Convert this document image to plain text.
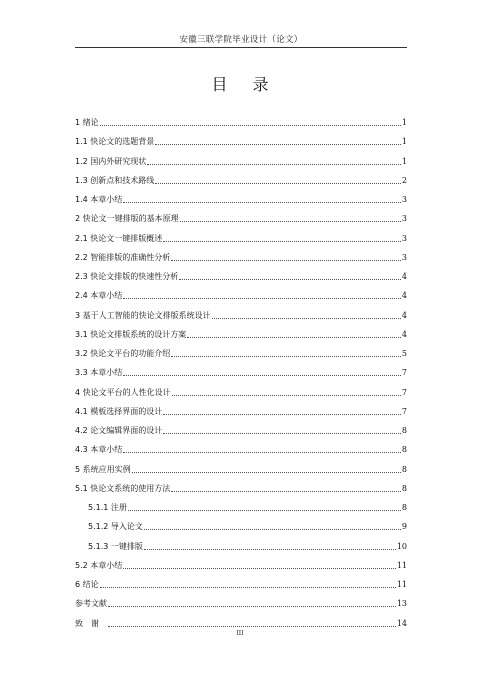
安徽三联学院毕业设计（论文）
目 录
1 绪论	1
1.1 快论文的选题背景	1
1.2 国内外研究现状	1
1.3 创新点和技术路线	2
1.4 本章小结	3
2 快论文一键排版的基本原理	3
2.1 快论文一键排版概述	3
2.2 智能排版的准确性分析	3
2.3 快论文排版的快速性分析	4
2.4 本章小结	4
3 基于人工智能的快论文排版系统设计	4
3.1 快论文排版系统的设计方案	4
3.2 快论文平台的功能介绍	5
3.3 本章小结	7
4 快论文平台的人性化设计	7
4.1 模板选择界面的设计	7
4.2 论文编辑界面的设计	8
4.3 本章小结	8
5 系统应用实例	8
5.1 快论文系统的使用方法	8
5.1.1 注册	8
5.1.2 导入论文	9
5.1.3 一键排版	10
5.2 本章小结	11
6 结论	11
参考文献	13
致谢	14
III
